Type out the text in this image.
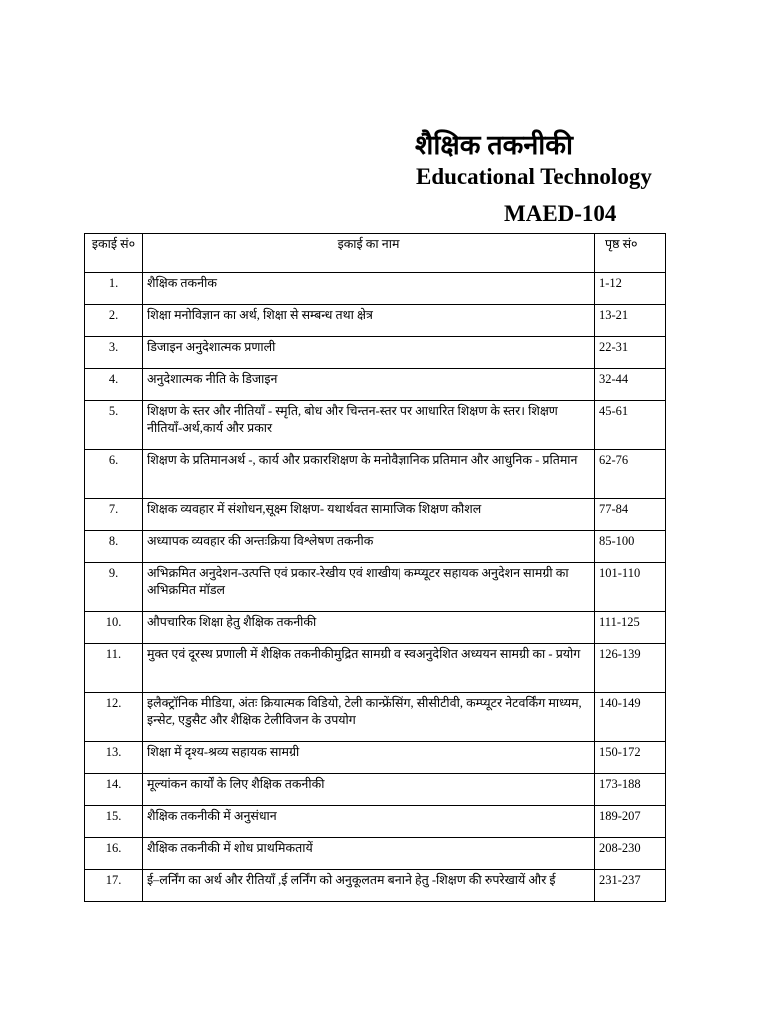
शैक्षिक तकनीकी
Educational Technology
MAED-104
इकाई सं०	इकाई का नाम	पृष्ठ सं०
1.	शैक्षिक तकनीक	1-12
2.	शिक्षा मनोविज्ञान का अर्थ, शिक्षा से सम्बन्ध तथा क्षेत्र	13-21
3.	डिजाइन अनुदेशात्मक प्रणाली	22-31
4.	अनुदेशात्मक नीति के डिजाइन	32-44
5.	शिक्षण के स्तर और नीतियाँ - स्मृति, बोध और चिन्तन-स्तर पर आधारित शिक्षण के स्तर। शिक्षण नीतियाँ-अर्थ,कार्य और प्रकार	45-61
6.	शिक्षण के प्रतिमानअर्थ -, कार्य और प्रकारशिक्षण के मनोवैज्ञानिक प्रतिमान और आधुनिक - प्रतिमान	62-76
7.	शिक्षक व्यवहार में संशोधन,सूक्ष्म शिक्षण- यथार्थवत सामाजिक शिक्षण कौशल	77-84
8.	अध्यापक व्यवहार की अन्तःक्रिया विश्लेषण तकनीक	85-100
9.	अभिक्रमित अनुदेशन-उत्पत्ति एवं प्रकार-रेखीय एवं शाखीय| कम्प्यूटर सहायक अनुदेशन सामग्री का अभिक्रमित मॉडल	101-110
10.	औपचारिक शिक्षा हेतु शैक्षिक तकनीकी	111-125
11.	मुक्त एवं दूरस्थ प्रणाली में शैक्षिक तकनीकीमुद्रित सामग्री व स्वअनुदेशित अध्ययन सामग्री का - प्रयोग	126-139
12.	इलैक्ट्रॉनिक मीडिया, अंतः क्रियात्मक विडियो, टेली कान्फ्रेंसिंग, सीसीटीवी, कम्प्यूटर नेटवर्किंग माध्यम, इन्सेट, एडुसैट और शैक्षिक टेलीविजन के उपयोग	140-149
13.	शिक्षा में दृश्य-श्रव्य सहायक सामग्री	150-172
14.	मूल्यांकन कार्यों के लिए शैक्षिक तकनीकी	173-188
15.	शैक्षिक तकनीकी में अनुसंधान	189-207
16.	शैक्षिक तकनीकी में शोध प्राथमिकतायें	208-230
17.	ई–लर्निंग का अर्थ और रीतियाँ ,ई लर्निंग को अनुकूलतम बनाने हेतु -शिक्षण की रुपरेखायें और ई	231-237
